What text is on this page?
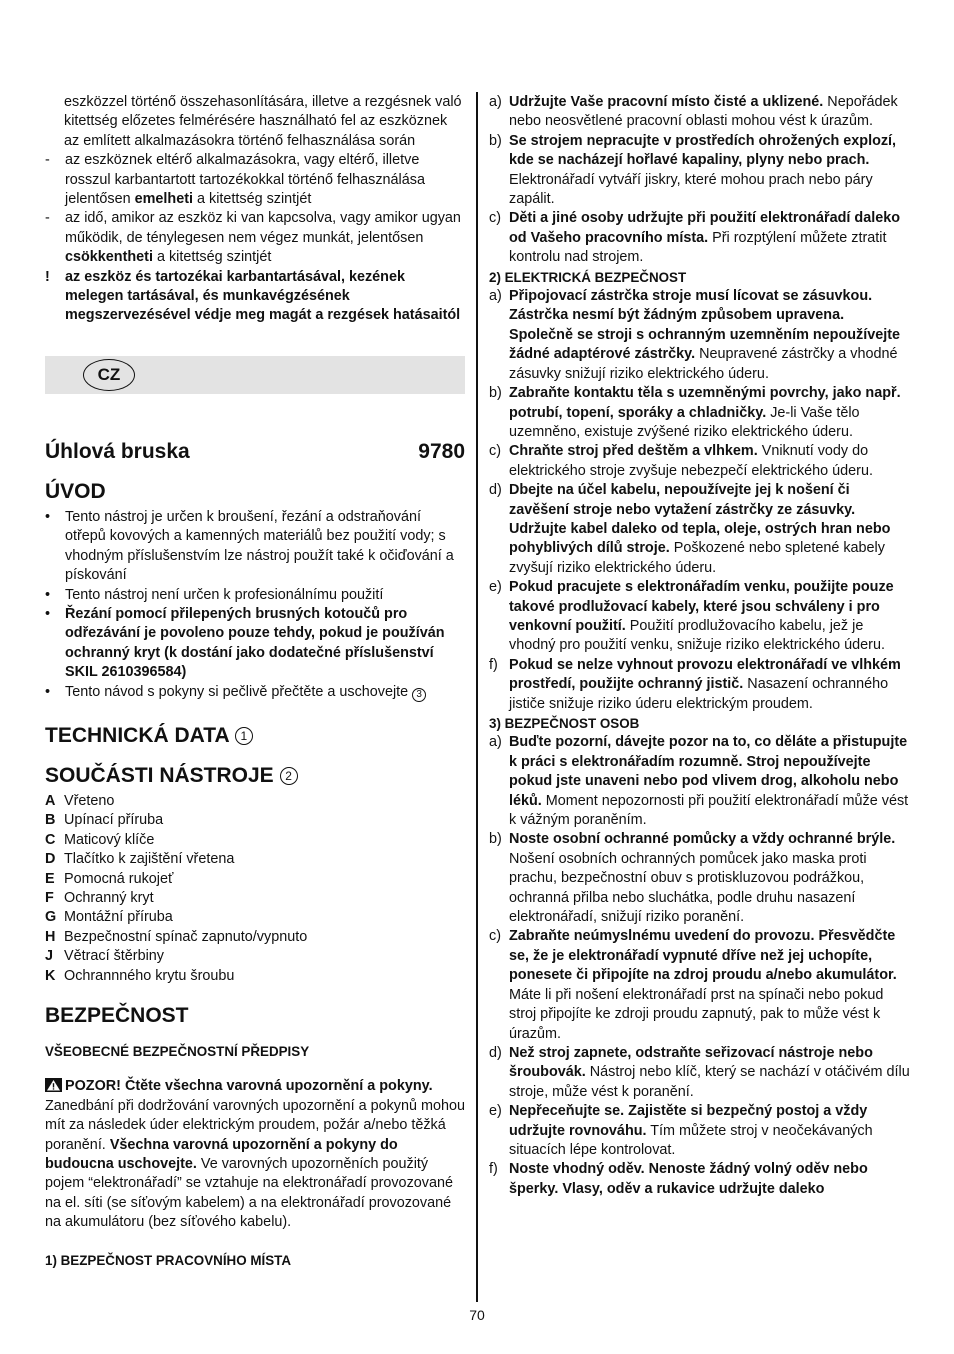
eszközzel történő összehasonlítására, illetve a rezgésnek való kitettség előzetes felmérésére használható fel az eszköznek az említett alkalmazásokra történő felhasználása során
- az eszköznek eltérő alkalmazásokra, vagy eltérő, illetve rosszul karbantartott tartozékokkal történő felhasználása jelentősen emelheti a kitettség szintjét
- az idő, amikor az eszköz ki van kapcsolva, vagy amikor ugyan működik, de ténylegesen nem végez munkát, jelentősen csökkentheti a kitettség szintjét
! az eszköz és tartozékai karbantartásával, kezének melegen tartásával, és munkavégzésének megszervezésével védje meg magát a rezgések hatásaitól
CZ
Úhlová bruska	9780
ÚVOD
• Tento nástroj je určen k broušení, řezání a odstraňování otřepů kovových a kamenných materiálů bez použití vody; s vhodným příslušenstvím lze nástroj použít také k očiďování a pískování
• Tento nástroj není určen k profesionálnímu použití
• Řezání pomocí přilepených brusných kotoučů pro odřezávání je povoleno pouze tehdy, pokud je používán ochranný kryt (k dostání jako dodatečné příslušenství SKIL 2610396584)
• Tento návod s pokyny si pečlivě přečtěte a uschovejte 3
TECHNICKÁ DATA 1
SOUČÁSTI NÁSTROJE 2
A Vřeteno
B Upínací příruba
C Maticový klíče
D Tlačítko k zajištění vřetena
E Pomocná rukojeť
F Ochranný kryt
G Montážní příruba
H Bezpečnostní spínač zapnuto/vypnuto
J Větrací štěrbiny
K Ochrannného krytu šroubu
BEZPEČNOST
VŠEOBECNÉ BEZPEČNOSTNÍ PŘEDPISY
POZOR! Čtěte všechna varovná upozornění a pokyny. Zanedbání při dodržování varovných upozornění a pokynů mohou mít za následek úder elektrickým proudem, požár a/nebo těžká poranění. Všechna varovná upozornění a pokyny do budoucna uschovejte. Ve varovných upozorněních použitý pojem “elektronářadí” se vztahuje na elektronářadí provozované na el. síti (se síťovým kabelem) a na elektronářadí provozované na akumulátoru (bez síťového kabelu).
1) BEZPEČNOST PRACOVNÍHO MÍSTA
a) Udržujte Vaše pracovní místo čisté a uklizené. Nepořádek nebo neosvětlené pracovní oblasti mohou vést k úrazům.
b) Se strojem nepracujte v prostředích ohrožených explozí, kde se nacházejí hořlavé kapaliny, plyny nebo prach. Elektronářadí vytváří jiskry, které mohou prach nebo páry zapálit.
c) Děti a jiné osoby udržujte při použití elektronářadí daleko od Vašeho pracovního místa. Při rozptýlení můžete ztratit kontrolu nad strojem.
2) ELEKTRICKÁ BEZPEČNOST
a) Připojovací zástrčka stroje musí lícovat se zásuvkou. Zástrčka nesmí být žádným způsobem upravena. Společně se stroji s ochranným uzemněním nepoužívejte žádné adaptérové zástrčky. Neupravené zástrčky a vhodné zásuvky snižují riziko elektrického úderu.
b) Zabraňte kontaktu těla s uzemněnými povrchy, jako např. potrubí, topení, sporáky a chladničky. Je-li Vaše tělo uzemněno, existuje zvýšené riziko elektrického úderu.
c) Chraňte stroj před deštěm a vlhkem. Vniknutí vody do elektrického stroje zvyšuje nebezpečí elektrického úderu.
d) Dbejte na účel kabelu, nepoužívejte jej k nošení či zavěšení stroje nebo vytažení zástrčky ze zásuvky. Udržujte kabel daleko od tepla, oleje, ostrých hran nebo pohyblivých dílů stroje. Poškozené nebo spletené kabely zvyšují riziko elektrického úderu.
e) Pokud pracujete s elektronářadím venku, použijte pouze takové prodlužovací kabely, které jsou schváleny i pro venkovní použití. Použití prodlužovacího kabelu, jež je vhodný pro použití venku, snižuje riziko elektrického úderu.
f) Pokud se nelze vyhnout provozu elektronářadí ve vlhkém prostředí, použijte ochranný jistič. Nasazení ochranného jističe snižuje riziko úderu elektrickým proudem.
3) BEZPEČNOST OSOB
a) Buďte pozorní, dávejte pozor na to, co děláte a přistupujte k práci s elektronářadím rozumně. Stroj nepoužívejte pokud jste unaveni nebo pod vlivem drog, alkoholu nebo léků. Moment nepozornosti při použití elektronářadí může vést k vážným poraněním.
b) Noste osobní ochranné pomůcky a vždy ochranné brýle. Nošení osobních ochranných pomůcek jako maska proti prachu, bezpečnostní obuv s protiskluzovou podrážkou, ochranná přilba nebo sluchátka, podle druhu nasazení elektronářadí, snižují riziko poranění.
c) Zabraňte neúmyslnému uvedení do provozu. Přesvědčte se, že je elektronářadí vypnuté dříve než jej uchopíte, ponesete či připojíte na zdroj proudu a/nebo akumulátor. Máte li při nošení elektronářadí prst na spínači nebo pokud stroj připojíte ke zdroji proudu zapnutý, pak to může vést k úrazům.
d) Než stroj zapnete, odstraňte seřizovací nástroje nebo šroubovák. Nástroj nebo klíč, který se nachází v otáčivém dílu stroje, může vést k poranění.
e) Nepřeceňujte se. Zajistěte si bezpečný postoj a vždy udržujte rovnováhu. Tím můžete stroj v neočekávaných situacích lépe kontrolovat.
f) Noste vhodný oděv. Nenoste žádný volný oděv nebo šperky. Vlasy, oděv a rukavice udržujte daleko
70
